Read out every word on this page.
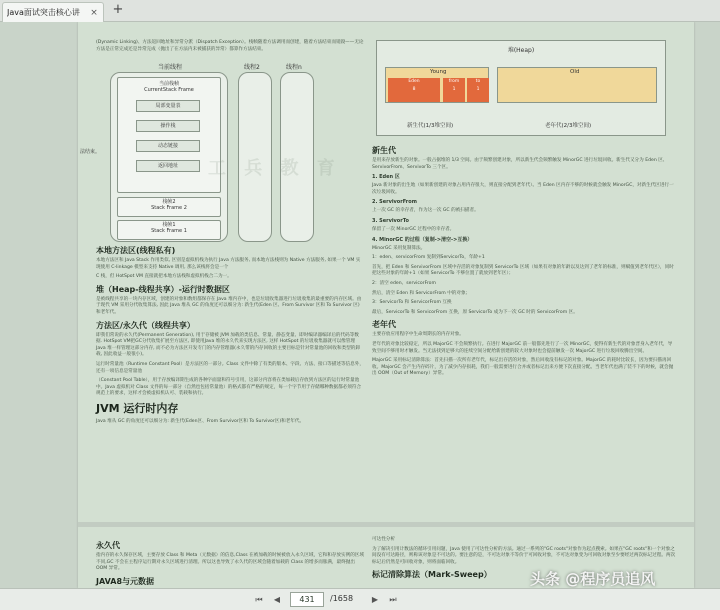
Java面试突击核心讲	× +
(Dynamic Linking)、方法返回地址和异常分派（Dispatch Exception）。栈帧随着方法调用而创建，随着方法结束而销毁——无论方法是正常完成还是异常完成（抛出了在方法内未被捕获的异常）都算作方法结束。
当前线程	线程2	线程n
法结束。
当前栈帧
CurrentStack Frame
局部变量表
操作栈
动态链接
返回地址
栈帧2
Stack Frame 2
栈帧1
Stack Frame 1
工 兵 教 育
本地方法区(线程私有)
本地方法区和 Java Stack 作用类似, 区别是虚拟机栈为执行 Java 方法服务, 而本地方法栈则为 Native 方法服务, 如果一个 VM 实现使用 C-linkage 模型来支持 Native 调用, 那么该栈将会是一个
C 栈，但 HotSpot VM 直接就把本地方法栈和虚拟机栈合二为一。
堆（Heap-线程共享）-运行时数据区
是被线程共享的一块内存区域，创建的对象和数组都保存在 Java 堆内存中，也是垃圾收集器进行垃圾收集的最重要的内存区域。由于现代 VM 采用分代收集算法, 因此 Java 堆从 GC 的角度还可以细分为: 新生代(Eden 区、From Survivor 区和 To Survivor 区)和老年代。
方法区/永久代（线程共享）
即我们常说的永久代(Permanent Generation), 用于存储被 JVM 加载的类信息、常量、静态变量、即时编译器编译后的代码等数据. HotSpot VM把GC分代收集扩展至方法区, 即使用Java 堆的永久代来实现方法区, 这样 HotSpot 的垃圾收集器就可以像管理 Java 堆一样管理这部分内存, 而不必为方法区开发专门的内存管理器(永久带的内存回收的主要目标是针对常量池的回收和类型的卸载, 因此收益一般很小)。
运行时常量池（Runtime Constant Pool）是方法区的一部分。Class 文件中除了有类的版本、字段、方法、接口等描述等信息外，还有一项信息是常量池
（Constant Pool Table），用于存放编译期生成的各种字面量和符号引用，这部分内容将在类加载后存放到方法区的运行时常量池中。Java 虚拟机对 Class 文件的每一部分（自然也包括常量池）的格式都有严格的规定，每一个字节用于存储哪种数据都必须符合规范上的要求，这样才会被虚拟机认可、装载和执行。
JVM 运行时内存
Java 堆从 GC 的角度还可以细分为: 新生代(Eden区、From Survivor区和 To Survivor区)和老年代。
堆(Heap)
Young
Eden
8
from
1
to
1
Old
新生代(1/3堆空间)	老年代(2/3堆空间)
新生代
是用来存放新生的对象。一般占据堆的 1/3 空间。由于频繁创建对象，所以新生代会频繁触发 MinorGC 进行垃圾回收。新生代又分为 Eden 区、ServivorFrom、ServivorTo 三个区。
1. Eden 区
Java 新对象的出生地（如果新创建的对象占用内存很大，则直接分配到老年代）。当 Eden 区内存不够的时候就会触发 MinorGC，对新生代区进行一次垃圾回收。
2. ServivorFrom
上一次 GC 的幸存者，作为这一次 GC 的被扫描者。
3. ServivorTo
保留了一次 MinorGC 过程中的幸存者。
4. MinorGC 的过程（复制->清空->互换）
MinorGC 采用复制算法。
1：eden、servicorFrom 复制到ServicorTo，年龄+1
首先，把 Eden 和 ServivorFrom 区域中存活的对象复制到 ServicorTo 区域（如果有对象的年龄以及达到了老年的标准，则赋值到老年代区），同时把这些对象的年龄+1（如果 ServicorTo 不够位置了就放到老年区）；
2：清空 eden、servicorFrom
然后，清空 Eden 和 ServicorFrom 中的对象；
3：ServicorTo 和 ServicorFrom 互换
最后，ServicorTo 和 ServicorFrom 互换，原 ServicorTo 成为下一次 GC 时的 ServicorFrom 区。
老年代
主要存放应用程序中生命周期长的内存对象。
老年代的对象比较稳定，所以 MajorGC 不会频繁执行。在进行 MajorGC 前一般都先进行了一次 MinorGC，使得有新生代的对象晋身入老年代，导致空间不够用时才触发。当无法找到足够大的连续空间分配给新创建的较大对象时也会提前触发一次 MajorGC 进行垃圾回收腾出空间。
MajorGC 采用标记清除算法：首先扫描一次所有老年代，标记出存活的对象，然后回收没有标记的对象。MajorGC 的耗时比较长，因为要扫描再回收。MajorGC 会产生内存碎片，为了减少内存损耗，我们一般需要进行合并或者标记出来方便下次直接分配。当老年代也满了装不下的时候，就会抛出 OOM（Out of Memory）异常。
永久代
指内存的永久保存区域，主要存放 Class 和 Meta（元数据）的信息,Class 在被加载的时候被放入永久区域，它和和存放实例的区域不同,GC 不会在主程序运行期对永久区域进行清理。所以这也导致了永久代的区域会随着加载的 Class 的增多而胀满，最终抛出 OOM 异常。
JAVA8与元数据
可达性分析
为了解决引用计数法的循环引用问题，Java 使用了可达性分析的方法。通过一系列的"GC roots"对象作为起点搜索。如果在"GC roots"和一个对象之间没有可达路径，则称该对象是不可达的。要注意的是，不可达对象不等价于可回收对象，不可达对象变为可回收对象至少要经过两次标记过程。两次标记后仍然是可回收对象，则将面临回收。
标记清除算法（Mark-Sweep）	头条 @程序员追风
⏮	◀	431	/1658	▶	⏭
